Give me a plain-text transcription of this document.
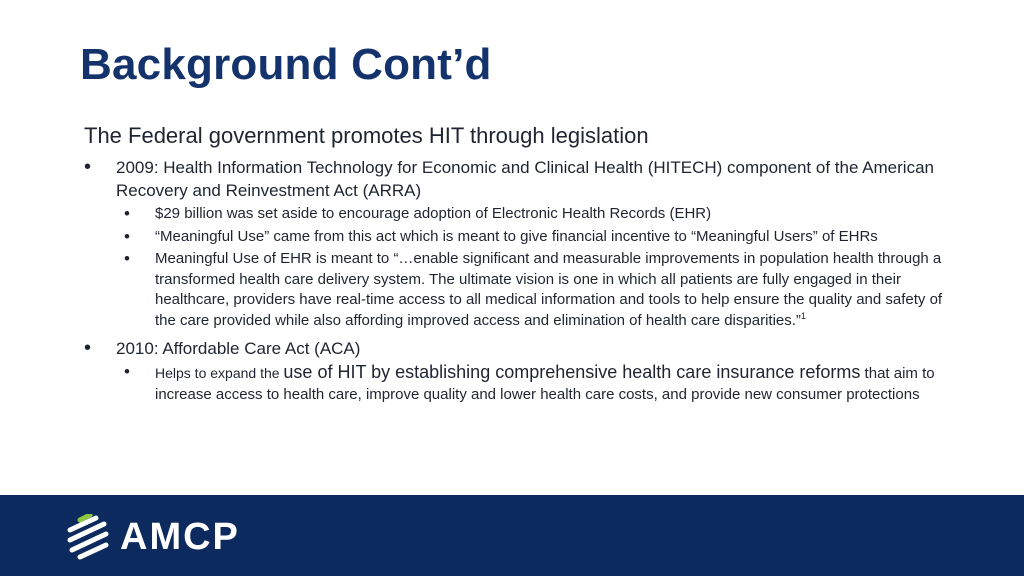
Background Cont’d

The Federal government promotes HIT through legislation

• 2009: Health Information Technology for Economic and Clinical Health (HITECH) component of the American Recovery and Reinvestment Act (ARRA)

• $29 billion was set aside to encourage adoption of Electronic Health Records (EHR)

• “Meaningful Use” came from this act which is meant to give financial incentive to “Meaningful Users” of EHRs

• Meaningful Use of EHR is meant to “…enable significant and measurable improvements in population health through a transformed health care delivery system. The ultimate vision is one in which all patients are fully engaged in their healthcare, providers have real-time access to all medical information and tools to help ensure the quality and safety of the care provided while also affording improved access and elimination of health care disparities.”$^1$

• 2010: Affordable Care Act (ACA)

• Helps to expand the use of HIT by establishing comprehensive health care insurance reforms that aim to increase access to health care, improve quality and lower health care costs, and provide new consumer protections

AMCP
